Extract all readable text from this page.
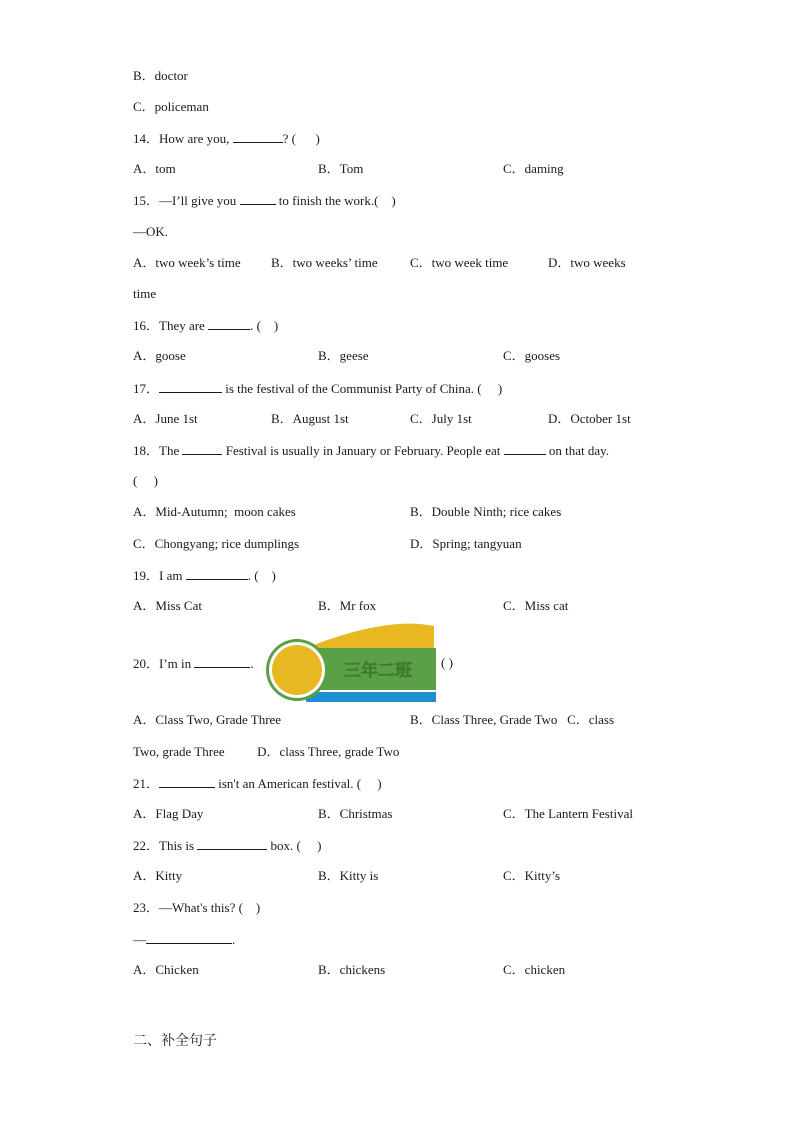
B．doctor
C．policeman
14．How are you,	? (      )
A．tom	B．Tom	C．daming
15．—I’ll give you	to finish the work.(    )
—OK.
A．two week’s time B．two weeks’ time C．two week time	D．two weeks
time
16．They are	. (    )
A．goose	B．geese	C．gooses
17．	is the festival of the Communist Party of China. (     )
A．June 1st	B．August 1st	C．July 1st	D．October 1st
18．The	Festival is usually in January or February. People eat	on that day.
(     )
A．Mid-Autumn;  moon cakes	B．Double Ninth; rice cakes
C．Chongyang; rice dumplings	D．Spring; tangyuan
19．I am	. (    )
A．Miss Cat	B．Mr fox	C．Miss cat
20．I’m in	.	( )
三年二班
A．Class Two, Grade Three	B．Class Three, Grade Two   C．class
Two, grade Three          D．class Three, grade Two
21．	isn't an American festival. (     )
A．Flag Day	B．Christmas	C．The Lantern Festival
22．This is	box. (     )
A．Kitty	B．Kitty is	C．Kitty’s
23．—What's this? (    )
—	.
A．Chicken	B．chickens	C．chicken
二、补全句子
